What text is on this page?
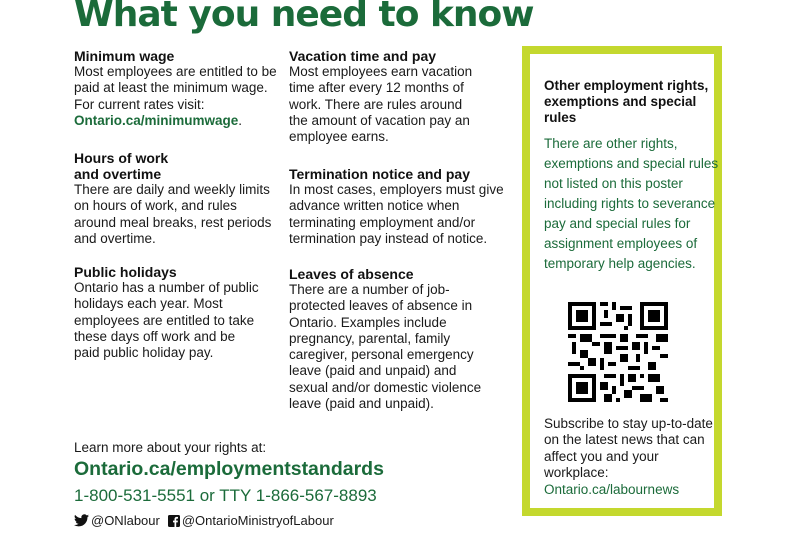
What you need to know
Minimum wage

Most employees are entitled to be paid at least the minimum wage. For current rates visit: Ontario.ca/minimumwage.

Hours of work and overtime

There are daily and weekly limits on hours of work, and rules around meal breaks, rest periods and overtime.

Public holidays

Ontario has a number of public holidays each year. Most employees are entitled to take these days off work and be paid public holiday pay.

Vacation time and pay

Most employees earn vacation time after every 12 months of work. There are rules around the amount of vacation pay an employee earns.

Termination notice and pay

In most cases, employers must give advance written notice when terminating employment and/or termination pay instead of notice.

Leaves of absence

There are a number of job-protected leaves of absence in Ontario. Examples include pregnancy, parental, family caregiver, personal emergency leave (paid and unpaid) and sexual and/or domestic violence leave (paid and unpaid).

Learn more about your rights at:
Ontario.ca/employmentstandards
1-800-531-5551 or TTY 1-866-567-8893
@ONlabour @OntarioMinistryofLabour
Other employment rights, exemptions and special rules

There are other rights, exemptions and special rules not listed on this poster including rights to severance pay and special rules for assignment employees of temporary help agencies.

Subscribe to stay up-to-date on the latest news that can affect you and your workplace:

Ontario.ca/labournews
